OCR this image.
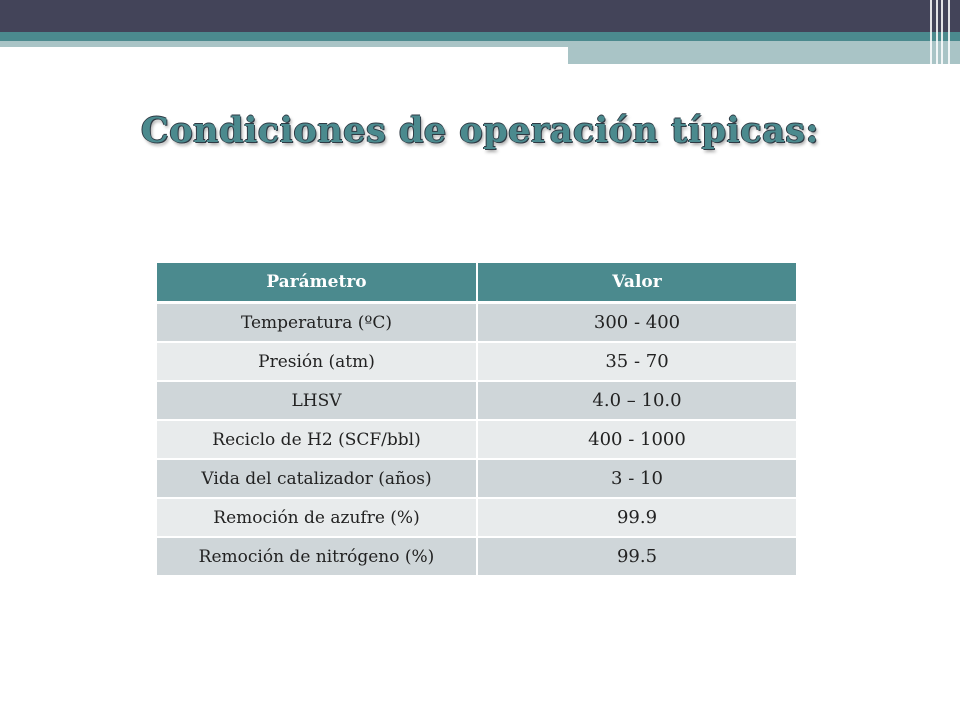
Condiciones de operación típicas:
Parámetro	Valor
Temperatura (ºC)	300 - 400
Presión (atm)	35 - 70
LHSV	4.0 – 10.0
Reciclo de H2 (SCF/bbl)	400 - 1000
Vida del catalizador (años)	3 - 10
Remoción de azufre (%)	99.9
Remoción de nitrógeno (%)	99.5
